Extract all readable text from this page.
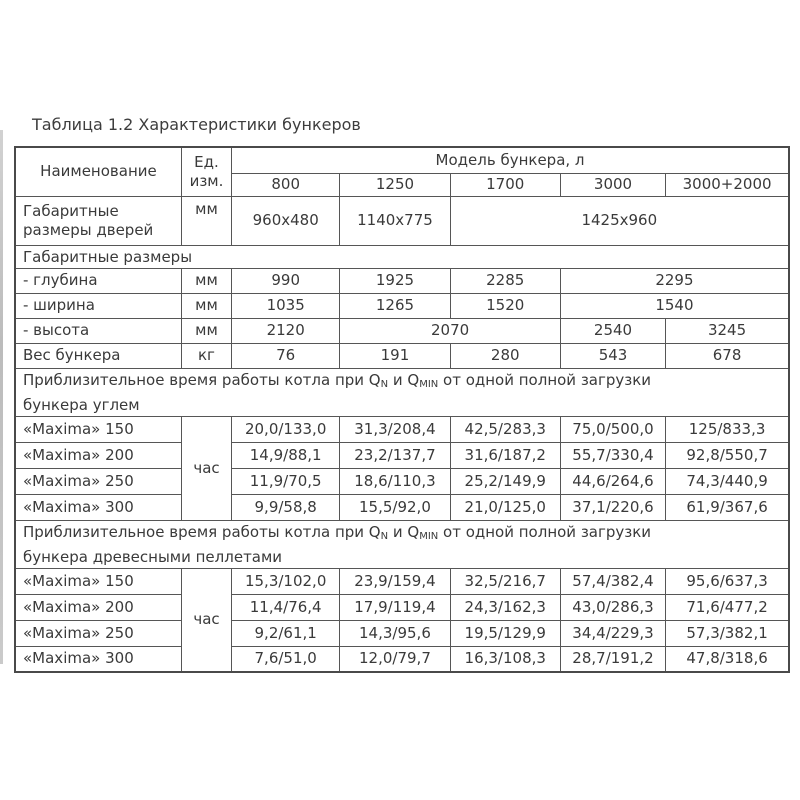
Таблица 1.2 Характеристики бункеров
Наименование	Ед. изм.	Модель бункера, л				
		800	1250	1700	3000	3000+2000
Габаритные размеры дверей	мм	960х480	1140х775	1425х960		
Габаритные размеры						
- глубина	мм	990	1925	2285	2295	
- ширина	мм	1035	1265	1520	1540	
- высота	мм	2120	2070		2540	3245
Вес бункера	кг	76	191	280	543	678
Приблизительное время работы котла при QN и QMIN от одной полной загрузки бункера углем						
«Maxima» 150	час	20,0/133,0	31,3/208,4	42,5/283,3	75,0/500,0	125/833,3
«Maxima» 200		14,9/88,1	23,2/137,7	31,6/187,2	55,7/330,4	92,8/550,7
«Maxima» 250		11,9/70,5	18,6/110,3	25,2/149,9	44,6/264,6	74,3/440,9
«Maxima» 300		9,9/58,8	15,5/92,0	21,0/125,0	37,1/220,6	61,9/367,6
Приблизительное время работы котла при QN и QMIN от одной полной загрузки бункера древесными пеллетами						
«Maxima» 150	час	15,3/102,0	23,9/159,4	32,5/216,7	57,4/382,4	95,6/637,3
«Maxima» 200		11,4/76,4	17,9/119,4	24,3/162,3	43,0/286,3	71,6/477,2
«Maxima» 250		9,2/61,1	14,3/95,6	19,5/129,9	34,4/229,3	57,3/382,1
«Maxima» 300		7,6/51,0	12,0/79,7	16,3/108,3	28,7/191,2	47,8/318,6
